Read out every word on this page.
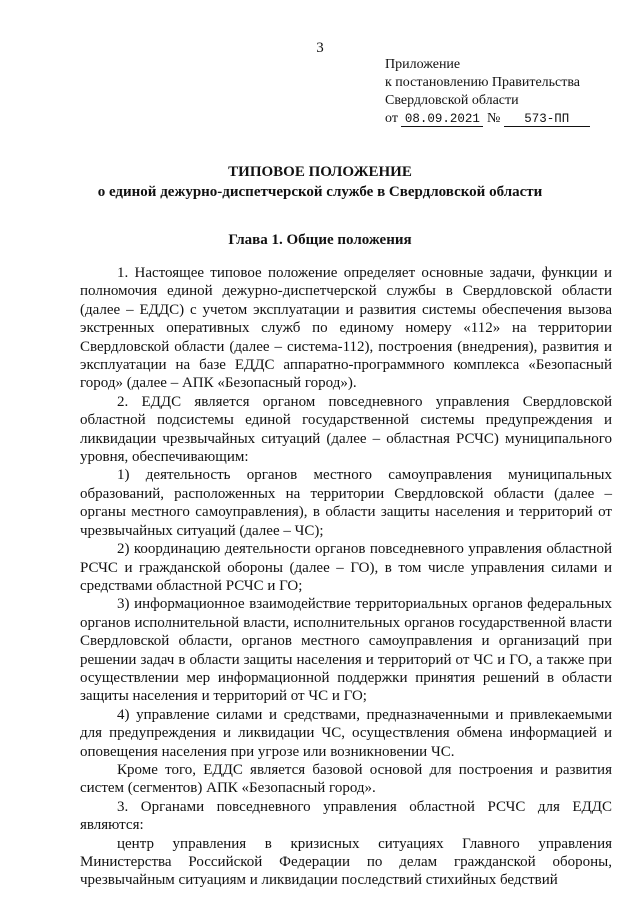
3
Приложение
к постановлению Правительства
Свердловской области
от 08.09.2021 № 573-ПП
ТИПОВОЕ ПОЛОЖЕНИЕ
о единой дежурно-диспетчерской службе в Свердловской области
Глава 1. Общие положения

1. Настоящее типовое положение определяет основные задачи, функции и полномочия единой дежурно-диспетчерской службы в Свердловской области (далее – ЕДДС) с учетом эксплуатации и развития системы обеспечения вызова экстренных оперативных служб по единому номеру «112» на территории Свердловской области (далее – система-112), построения (внедрения), развития и эксплуатации на базе ЕДДС аппаратно-программного комплекса «Безопасный город» (далее – АПК «Безопасный город»).

2. ЕДДС является органом повседневного управления Свердловской областной подсистемы единой государственной системы предупреждения и ликвидации чрезвычайных ситуаций (далее – областная РСЧС) муниципального уровня, обеспечивающим:

1) деятельность органов местного самоуправления муниципальных образований, расположенных на территории Свердловской области (далее – органы местного самоуправления), в области защиты населения и территорий от чрезвычайных ситуаций (далее – ЧС);

2) координацию деятельности органов повседневного управления областной РСЧС и гражданской обороны (далее – ГО), в том числе управления силами и средствами областной РСЧС и ГО;

3) информационное взаимодействие территориальных органов федеральных органов исполнительной власти, исполнительных органов государственной власти Свердловской области, органов местного самоуправления и организаций при решении задач в области защиты населения и территорий от ЧС и ГО, а также при осуществлении мер информационной поддержки принятия решений в области защиты населения и территорий от ЧС и ГО;

4) управление силами и средствами, предназначенными и привлекаемыми для предупреждения и ликвидации ЧС, осуществления обмена информацией и оповещения населения при угрозе или возникновении ЧС.

Кроме того, ЕДДС является базовой основой для построения и развития систем (сегментов) АПК «Безопасный город».

3. Органами повседневного управления областной РСЧС для ЕДДС являются:

центр управления в кризисных ситуациях Главного управления Министерства Российской Федерации по делам гражданской обороны, чрезвычайным ситуациям и ликвидации последствий стихийных бедствий
